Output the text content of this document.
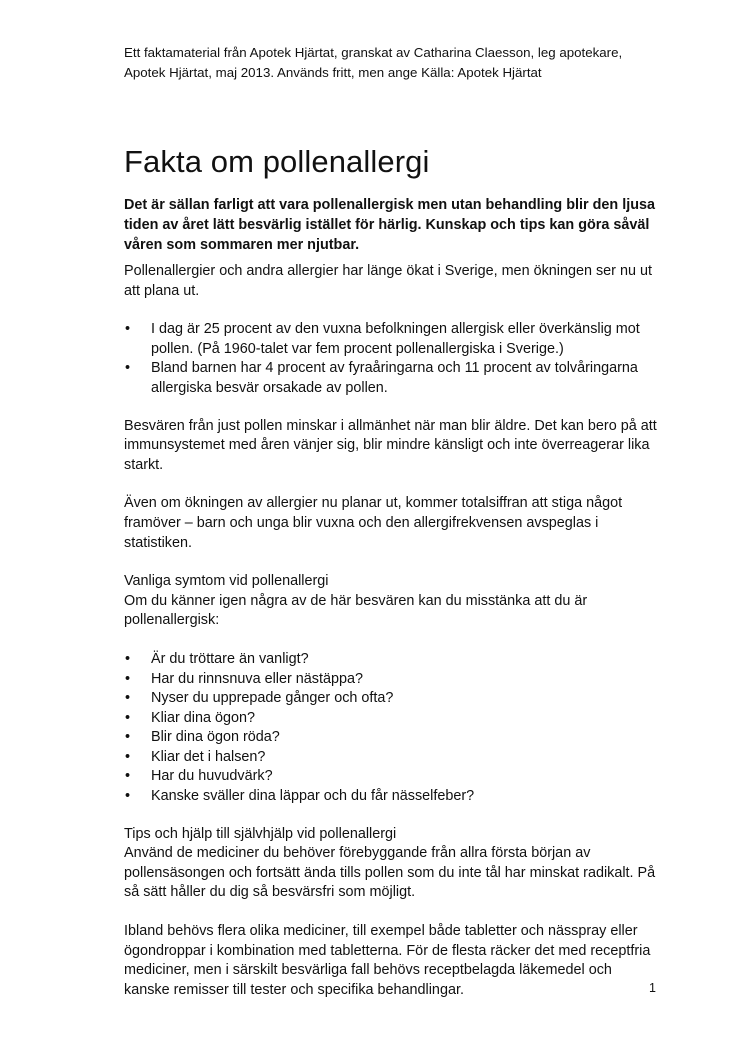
Ett faktamaterial från Apotek Hjärtat, granskat av Catharina Claesson, leg apotekare,

Apotek Hjärtat, maj 2013. Används fritt, men ange Källa: Apotek Hjärtat

Fakta om pollenallergi

Det är sällan farligt att vara pollenallergisk men utan behandling blir den ljusa tiden av året lätt besvärlig istället för härlig. Kunskap och tips kan göra såväl våren som sommaren mer njutbar.

Pollenallergier och andra allergier har länge ökat i Sverige, men ökningen ser nu ut att plana ut.

• I dag är 25 procent av den vuxna befolkningen allergisk eller överkänslig mot pollen. (På 1960-talet var fem procent pollenallergiska i Sverige.)
• Bland barnen har 4 procent av fyraåringarna och 11 procent av tolvåringarna allergiska besvär orsakade av pollen.

Besvären från just pollen minskar i allmänhet när man blir äldre. Det kan bero på att immunsystemet med åren vänjer sig, blir mindre känsligt och inte överreagerar lika starkt.

Även om ökningen av allergier nu planar ut, kommer totalsiffran att stiga något framöver – barn och unga blir vuxna och den allergifrekvensen avspeglas i statistiken.

Vanliga symtom vid pollenallergi

Om du känner igen några av de här besvären kan du misstänka att du är pollenallergisk:

• Är du tröttare än vanligt?
• Har du rinnsnuva eller nästäppa?
• Nyser du upprepade gånger och ofta?
• Kliar dina ögon?
• Blir dina ögon röda?
• Kliar det i halsen?
• Har du huvudvärk?
• Kanske sväller dina läppar och du får nässelfeber?
Tips och hjälp till självhjälp vid pollenallergi

Använd de mediciner du behöver förebyggande från allra första början av pollensäsongen och fortsätt ända tills pollen som du inte tål har minskat radikalt. På så sätt håller du dig så besvärsfri som möjligt.

Ibland behövs flera olika mediciner, till exempel både tabletter och nässpray eller ögondroppar i kombination med tabletterna. För de flesta räcker det med receptfria mediciner, men i särskilt besvärliga fall behövs receptbelagda läkemedel och kanske remisser till tester och specifika behandlingar.	1
